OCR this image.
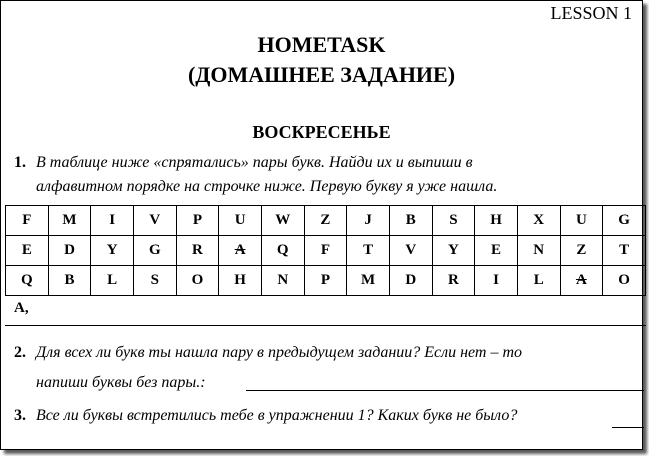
LESSON 1
HOMETASK
(ДОМАШНЕЕ ЗАДАНИЕ)
ВОСКРЕСЕНЬЕ
1. В таблице ниже «спрятались» пары букв. Найди их и выпиши в
алфавитном порядке на строчке ниже. Первую букву я уже нашла.
F	M	I	V	P	U	W	Z	J	B	S	H	X	U	G
E	D	Y	G	R	A	Q	F	T	V	Y	E	N	Z	T
Q	B	L	S	O	H	N	P	M	D	R	I	L	A	O
A,
2. Для всех ли букв ты нашла пару в предыдущем задании? Если нет – то
напиши буквы без пары.:
3. Все ли буквы встретились тебе в упражнении 1? Каких букв не было?
